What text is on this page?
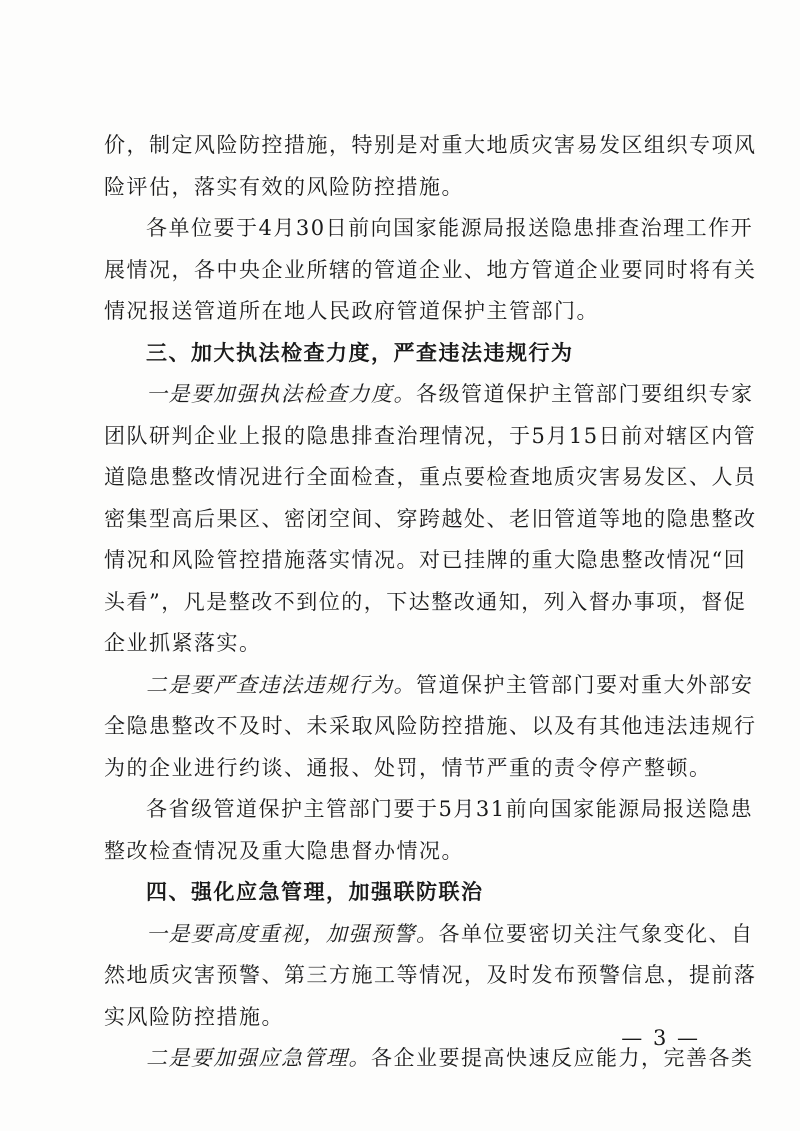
— 3 —
价，制定风险防控措施，特别是对重大地质灾害易发区组织专项风
险评估，落实有效的风险防控措施。
各单位要于4月30日前向国家能源局报送隐患排查治理工作开
展情况，各中央企业所辖的管道企业、地方管道企业要同时将有关
情况报送管道所在地人民政府管道保护主管部门。
三、加大执法检查力度，严查违法违规行为
一是要加强执法检查力度。各级管道保护主管部门要组织专家
团队研判企业上报的隐患排查治理情况，于5月15日前对辖区内管
道隐患整改情况进行全面检查，重点要检查地质灾害易发区、人员
密集型高后果区、密闭空间、穿跨越处、老旧管道等地的隐患整改
情况和风险管控措施落实情况。对已挂牌的重大隐患整改情况“回
头看”，凡是整改不到位的，下达整改通知，列入督办事项，督促
企业抓紧落实。
二是要严查违法违规行为。管道保护主管部门要对重大外部安
全隐患整改不及时、未采取风险防控措施、以及有其他违法违规行
为的企业进行约谈、通报、处罚，情节严重的责令停产整顿。
各省级管道保护主管部门要于5月31前向国家能源局报送隐患
整改检查情况及重大隐患督办情况。
四、强化应急管理，加强联防联治
一是要高度重视，加强预警。各单位要密切关注气象变化、自
然地质灾害预警、第三方施工等情况，及时发布预警信息，提前落
实风险防控措施。
二是要加强应急管理。各企业要提高快速反应能力，完善各类
